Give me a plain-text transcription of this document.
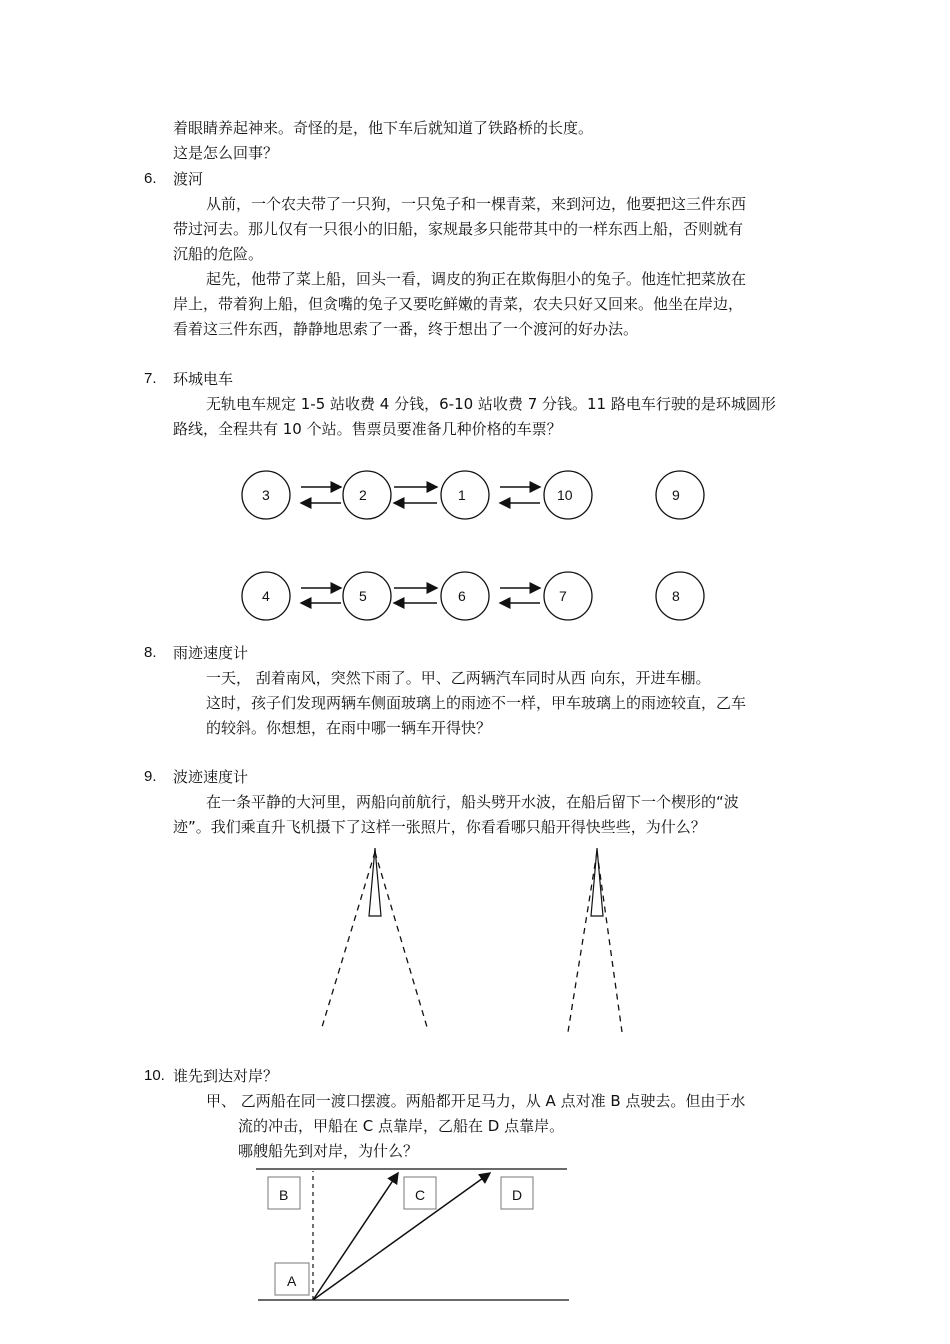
着眼睛养起神来。奇怪的是，他下车后就知道了铁路桥的长度。
这是怎么回事？
6. 渡河
从前，一个农夫带了一只狗，一只兔子和一棵青菜，来到河边，他要把这三件东西
带过河去。那儿仅有一只很小的旧船，家规最多只能带其中的一样东西上船，否则就有
沉船的危险。
起先，他带了菜上船，回头一看，调皮的狗正在欺侮胆小的兔子。他连忙把菜放在
岸上，带着狗上船，但贪嘴的兔子又要吃鲜嫩的青菜，农夫只好又回来。他坐在岸边，
看着这三件东西，静静地思索了一番，终于想出了一个渡河的好办法。
7. 环城电车
无轨电车规定 1-5 站收费 4 分钱，6-10 站收费 7 分钱。11 路电车行驶的是环城圆形
路线，全程共有 10 个站。售票员要准备几种价格的车票？
8. 雨迹速度计
一天， 刮着南风，突然下雨了。甲、乙两辆汽车同时从西 向东，开进车棚。
这时，孩子们发现两辆车侧面玻璃上的雨迹不一样，甲车玻璃上的雨迹较直，乙车
的较斜。你想想，在雨中哪一辆车开得快？
9. 波迹速度计
在一条平静的大河里，两船向前航行，船头劈开水波，在船后留下一个楔形的“波
迹”。我们乘直升飞机摄下了这样一张照片，你看看哪只船开得快些些，为什么？
10. 谁先到达对岸？
甲、 乙两船在同一渡口摆渡。两船都开足马力，从 A 点对准 B 点驶去。但由于水
流的冲击，甲船在 C 点靠岸，乙船在 D 点靠岸。
哪艘船先到对岸，为什么？
3	2	1	10	9
4	5	6	7	8
B	C	D
A
